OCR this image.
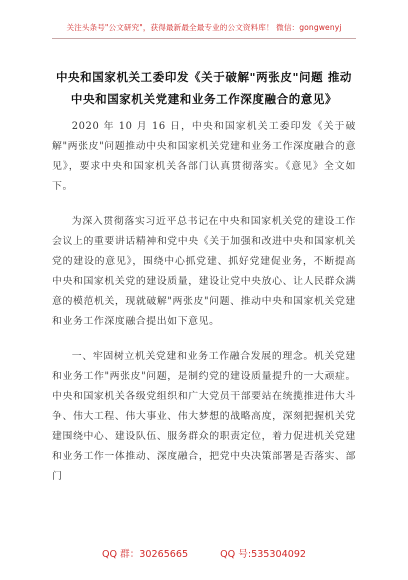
关注头条号"公文研究"，获得最新最全最专业的公文资料库！ 微信：gongwenyj
中央和国家机关工委印发《关于破解"两张皮"问题 推动
中央和国家机关党建和业务工作深度融合的意见》

2020 年 10 月 16 日，中央和国家机关工委印发《关于破解"两张皮"问题推动中央和国家机关党建和业务工作深度融合的意见》，要求中央和国家机关各部门认真贯彻落实。《意见》全文如下。

为深入贯彻落实习近平总书记在中央和国家机关党的建设工作会议上的重要讲话精神和党中央《关于加强和改进中央和国家机关党的建设的意见》，围绕中心抓党建、抓好党建促业务，不断提高中央和国家机关党的建设质量，建设让党中央放心、让人民群众满意的模范机关，现就破解"两张皮"问题、推动中央和国家机关党建和业务工作深度融合提出如下意见。

一、牢固树立机关党建和业务工作融合发展的理念。机关党建和业务工作"两张皮"问题，是制约党的建设质量提升的一大顽症。中央和国家机关各级党组织和广大党员干部要站在统揽推进伟大斗争、伟大工程、伟大事业、伟大梦想的战略高度，深刻把握机关党建围绕中心、建设队伍、服务群众的职责定位，着力促进机关党建和业务工作一体推动、深度融合，把党中央决策部署是否落实、部门

QQ 群：30265665	QQ 号:535304092
